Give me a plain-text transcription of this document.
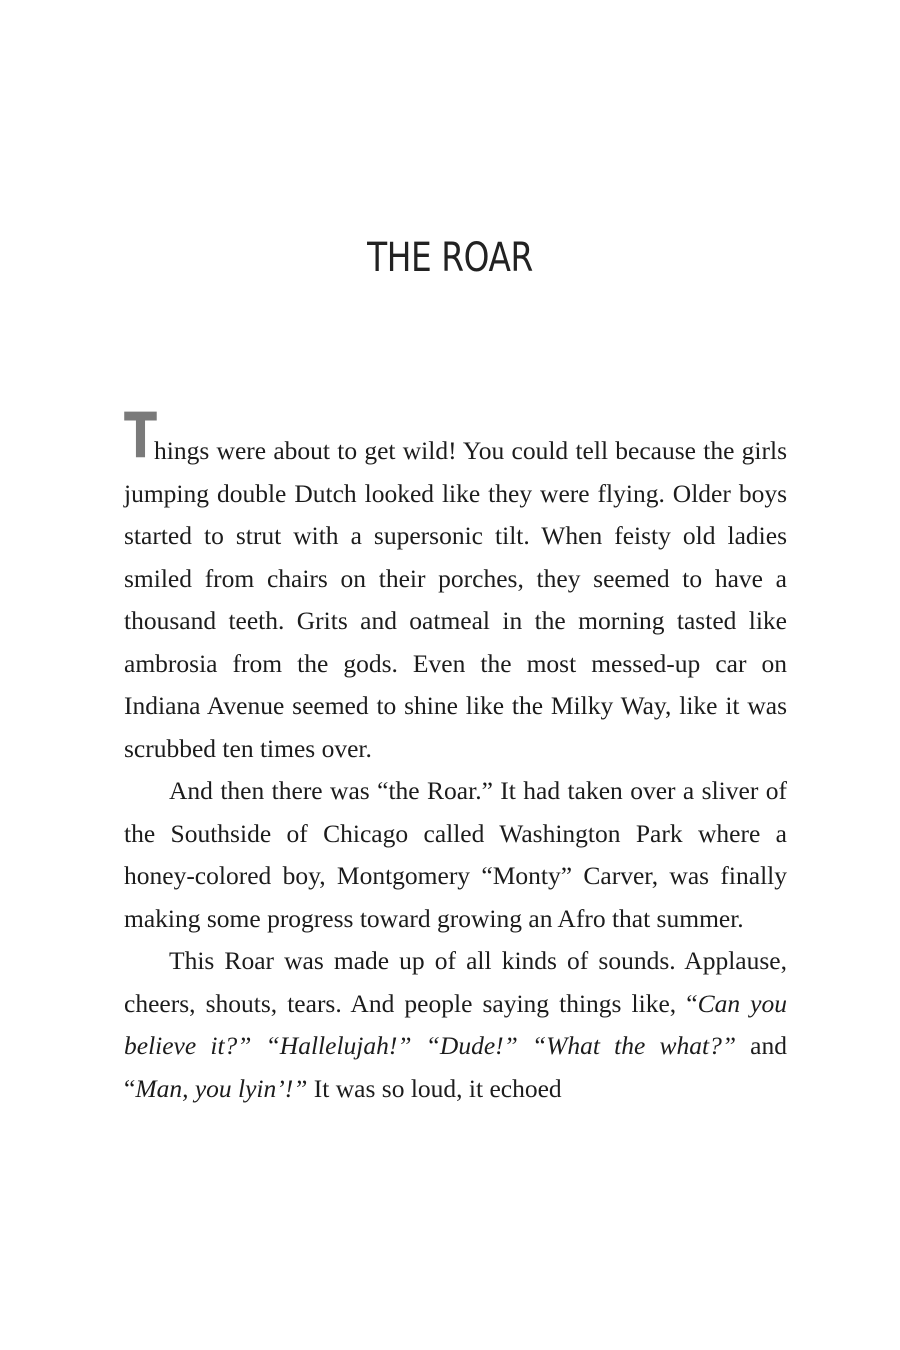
THE ROAR

T
hings were about to get wild! You could tell because the girls jumping double Dutch looked like they were flying. Older boys started to strut with a supersonic tilt. When feisty old ladies smiled from chairs on their porches, they seemed to have a thousand teeth. Grits and oatmeal in the morning tasted like ambrosia from the gods. Even the most messed-up car on Indiana Avenue seemed to shine like the Milky Way, like it was scrubbed ten times over.

And then there was “the Roar.” It had taken over a sliver of the Southside of Chicago called Washington Park where a honey-colored boy, Montgomery “Monty” Carver, was finally making some progress toward growing an Afro that summer.

This Roar was made up of all kinds of sounds. Applause, cheers, shouts, tears. And people saying things like, “Can you believe it?” “Hallelujah!” “Dude!” “What the what?” and “Man, you lyin’!” It was so loud, it echoed
